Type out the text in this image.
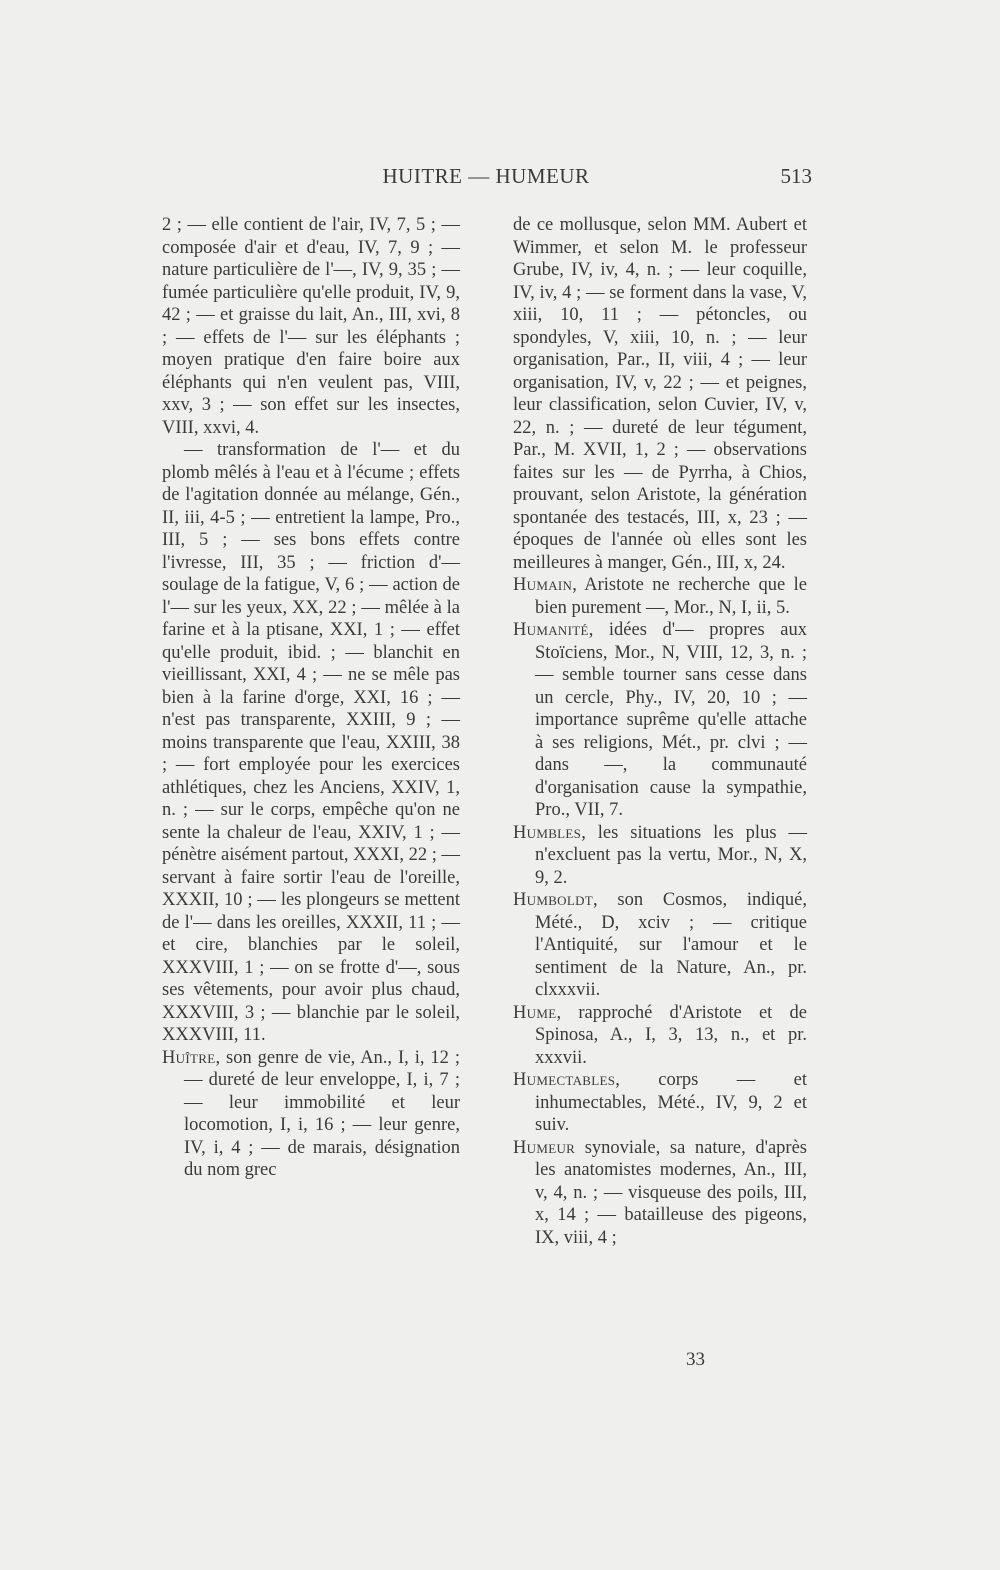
HUITRE — HUMEUR	513

2 ; — elle contient de l'air, IV, 7, 5 ; — composée d'air et d'eau, IV, 7, 9 ; — nature particulière de l'—, IV, 9, 35 ; — fumée particulière qu'elle produit, IV, 9, 42 ; — et graisse du lait, An., III, xvi, 8 ; — effets de l'— sur les éléphants ; moyen pratique d'en faire boire aux éléphants qui n'en veulent pas, VIII, xxv, 3 ; — son effet sur les insectes, VIII, xxvi, 4.

— transformation de l'— et du plomb mêlés à l'eau et à l'écume ; effets de l'agitation donnée au mélange, Gén., II, iii, 4-5 ; — entretient la lampe, Pro., III, 5 ; — ses bons effets contre l'ivresse, III, 35 ; — friction d'— soulage de la fatigue, V, 6 ; — action de l'— sur les yeux, XX, 22 ; — mêlée à la farine et à la ptisane, XXI, 1 ; — effet qu'elle produit, ibid. ; — blanchit en vieillissant, XXI, 4 ; — ne se mêle pas bien à la farine d'orge, XXI, 16 ; — n'est pas transparente, XXIII, 9 ; — moins transparente que l'eau, XXIII, 38 ; — fort employée pour les exercices athlétiques, chez les Anciens, XXIV, 1, n. ; — sur le corps, empêche qu'on ne sente la chaleur de l'eau, XXIV, 1 ; — pénètre aisément partout, XXXI, 22 ; — servant à faire sortir l'eau de l'oreille, XXXII, 10 ; — les plongeurs se mettent de l'— dans les oreilles, XXXII, 11 ; — et cire, blanchies par le soleil, XXXVIII, 1 ; — on se frotte d'—, sous ses vêtements, pour avoir plus chaud, XXXVIII, 3 ; — blanchie par le soleil, XXXVIII, 11.

Huître, son genre de vie, An., I, i, 12 ; — dureté de leur enveloppe, I, i, 7 ; — leur immobilité et leur locomotion, I, i, 16 ; — leur genre, IV, i, 4 ; — de marais, désignation du nom grec

de ce mollusque, selon MM. Aubert et Wimmer, et selon M. le professeur Grube, IV, iv, 4, n. ; — leur coquille, IV, iv, 4 ; — se forment dans la vase, V, xiii, 10, 11 ; — pétoncles, ou spondyles, V, xiii, 10, n. ; — leur organisation, Par., II, viii, 4 ; — leur organisation, IV, v, 22 ; — et peignes, leur classification, selon Cuvier, IV, v, 22, n. ; — dureté de leur tégument, Par., M. XVII, 1, 2 ; — observations faites sur les — de Pyrrha, à Chios, prouvant, selon Aristote, la génération spontanée des testacés, III, x, 23 ; — époques de l'année où elles sont les meilleures à manger, Gén., III, x, 24.

Humain, Aristote ne recherche que le bien purement —, Mor., N, I, ii, 5.

Humanité, idées d'— propres aux Stoïciens, Mor., N, VIII, 12, 3, n. ; — semble tourner sans cesse dans un cercle, Phy., IV, 20, 10 ; — importance suprême qu'elle attache à ses religions, Mét., pr. clvi ; — dans —, la communauté d'organisation cause la sympathie, Pro., VII, 7.

Humbles, les situations les plus — n'excluent pas la vertu, Mor., N, X, 9, 2.

Humboldt, son Cosmos, indiqué, Mété., D, xciv ; — critique l'Antiquité, sur l'amour et le sentiment de la Nature, An., pr. clxxxvii.

Hume, rapproché d'Aristote et de Spinosa, A., I, 3, 13, n., et pr. xxxvii.

Humectables, corps — et inhumectables, Mété., IV, 9, 2 et suiv.

Humeur synoviale, sa nature, d'après les anatomistes modernes, An., III, v, 4, n. ; — visqueuse des poils, III, x, 14 ; — batailleuse des pigeons, IX, viii, 4 ;

33
